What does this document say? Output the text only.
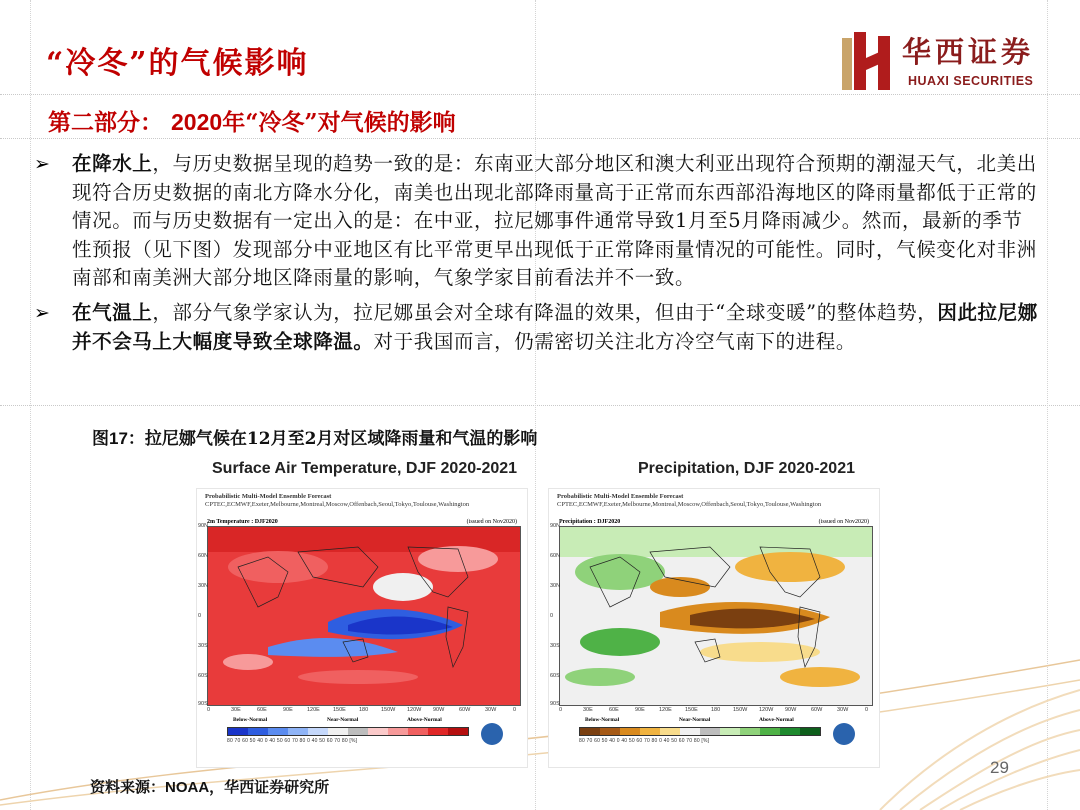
“冷冬”的气候影响	华西证券
HUAXI SECURITIES
第二部分： 2020年“冷冬”对气候的影响

➢ 在降水上，与历史数据呈现的趋势一致的是：东南亚大部分地区和澳大利亚出现符合预期的潮湿天气，北美出现符合历史数据的南北方降水分化，南美也出现北部降雨量高于正常而东西部沿海地区的降雨量都低于正常的情况。而与历史数据有一定出入的是：在中亚，拉尼娜事件通常导致1月至5月降雨减少。然而，最新的季节性预报（见下图）发现部分中亚地区有比平常更早出现低于正常降雨量情况的可能性。同时，气候变化对非洲南部和南美洲大部分地区降雨量的影响，气象学家目前看法并不一致。

➢ 在气温上，部分气象学家认为，拉尼娜虽会对全球有降温的效果，但由于“全球变暖”的整体趋势，因此拉尼娜并不会马上大幅度导致全球降温。对于我国而言，仍需密切关注北方冷空气南下的进程。

图17：拉尼娜气候在12月至2月对区域降雨量和气温的影响
Surface Air Temperature, DJF 2020-2021	Precipitation, DJF 2020-2021
Probabilistic Multi-Model Ensemble Forecast
CPTEC,ECMWF,Exeter,Melbourne,Montreal,Moscow,Offenbach,Seoul,Tokyo,Toulouse,Washington
2m Temperature : DJF2020	(issued on Nov2020)
90N
60N
30N
0
30S
60S
90S
0	30E	60E	90E	120E 150E 180 150W 120W 90W	60W	30W	0
Below-Normal	Near-Normal	Above-Normal
80 70 60 50 40 0 40 50 60 70 80 0 40 50 60 70 80 [%]
Probabilistic Multi-Model Ensemble Forecast
CPTEC,ECMWF,Exeter,Melbourne,Montreal,Moscow,Offenbach,Seoul,Tokyo,Toulouse,Washington
Precipitation : DJF2020	(issued on Nov2020)
90N
60N
30N
0
30S
60S
90S
0	30E	60E	90E	120E 150E 180 150W 120W 90W	60W	30W	0
Below-Normal	Near-Normal	Above-Normal
80 70 60 50 40 0 40 50 60 70 80 0 40 50 60 70 80 [%]
29
资料来源：NOAA，华西证券研究所
